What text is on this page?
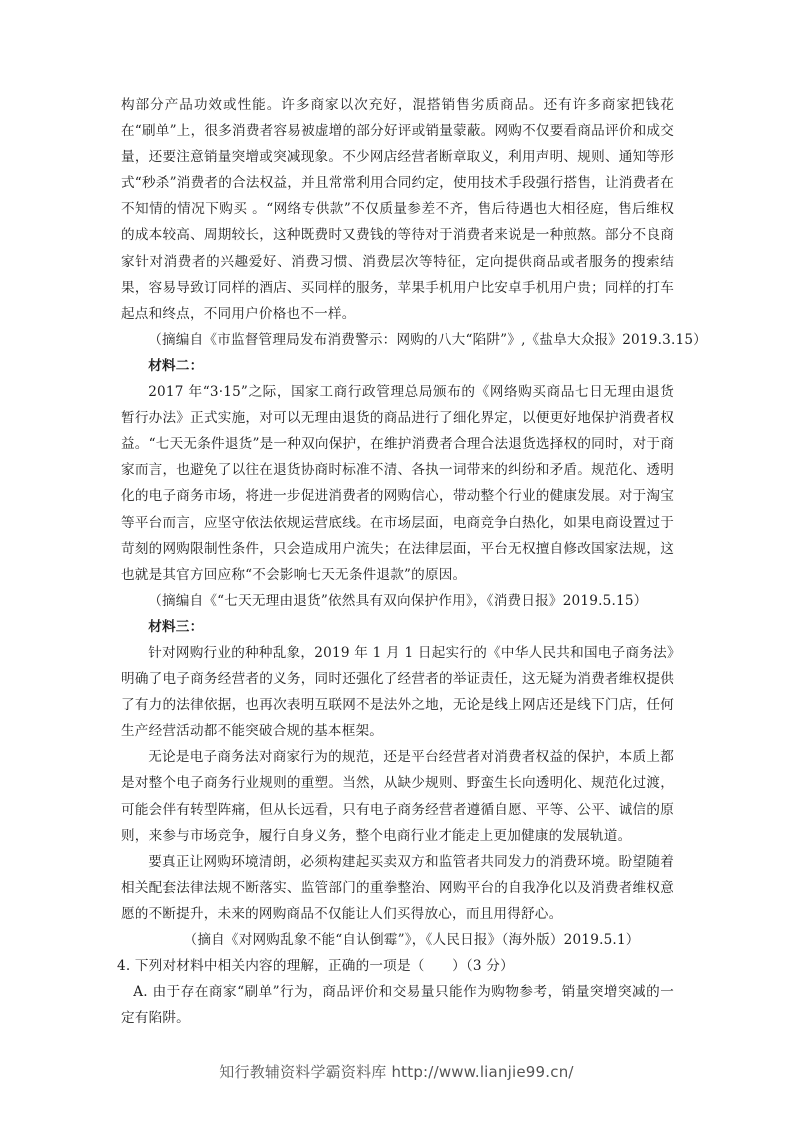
构部分产品功效或性能。许多商家以次充好，混搭销售劣质商品。还有许多商家把钱花在“刷单”上，很多消费者容易被虚增的部分好评或销量蒙蔽。网购不仅要看商品评价和成交量，还要注意销量突增或突减现象。不少网店经营者断章取义，利用声明、规则、通知等形式“秒杀”消费者的合法权益，并且常常利用合同约定，使用技术手段强行搭售，让消费者在不知情的情况下购买 。“网络专供款”不仅质量参差不齐，售后待遇也大相径庭，售后维权的成本较高、周期较长，这种既费时又费钱的等待对于消费者来说是一种煎熬。部分不良商家针对消费者的兴趣爱好、消费习惯、消费层次等特征，定向提供商品或者服务的搜索结果，容易导致订同样的酒店、买同样的服务，苹果手机用户比安卓手机用户贵；同样的打车起点和终点，不同用户价格也不一样。

（摘编自《市监督管理局发布消费警示：网购的八大“陷阱”》,《盐阜大众报》2019.3.15）

材料二：

2017 年“3·15”之际，国家工商行政管理总局颁布的《网络购买商品七日无理由退货暂行办法》正式实施，对可以无理由退货的商品进行了细化界定，以便更好地保护消费者权益。“七天无条件退货”是一种双向保护，在维护消费者合理合法退货选择权的同时，对于商家而言，也避免了以往在退货协商时标准不清、各执一词带来的纠纷和矛盾。规范化、透明化的电子商务市场，将进一步促进消费者的网购信心，带动整个行业的健康发展。对于淘宝等平台而言，应坚守依法依规运营底线。在市场层面，电商竞争白热化，如果电商设置过于苛刻的网购限制性条件，只会造成用户流失；在法律层面，平台无权擅自修改国家法规，这也就是其官方回应称“不会影响七天无条件退款”的原因。

（摘编自《“七天无理由退货”依然具有双向保护作用》，《消费日报》2019.5.15）

材料三：

针对网购行业的种种乱象，2019 年 1 月 1 日起实行的《中华人民共和国电子商务法》明确了电子商务经营者的义务，同时还强化了经营者的举证责任，这无疑为消费者维权提供了有力的法律依据，也再次表明互联网不是法外之地，无论是线上网店还是线下门店，任何生产经营活动都不能突破合规的基本框架。

无论是电子商务法对商家行为的规范，还是平台经营者对消费者权益的保护，本质上都是对整个电子商务行业规则的重塑。当然，从缺少规则、野蛮生长向透明化、规范化过渡，可能会伴有转型阵痛，但从长远看，只有电子商务经营者遵循自愿、平等、公平、诚信的原则，来参与市场竞争，履行自身义务，整个电商行业才能走上更加健康的发展轨道。

要真正让网购环境清朗，必须构建起买卖双方和监管者共同发力的消费环境。盼望随着相关配套法律法规不断落实、监管部门的重拳整治、网购平台的自我净化以及消费者维权意愿的不断提升，未来的网购商品不仅能让人们买得放心，而且用得舒心。

（摘自《对网购乱象不能“自认倒霉”》，《人民日报》（海外版）2019.5.1）

4. 下列对材料中相关内容的理解，正确的一项是（　　）（3 分）

A. 由于存在商家“刷单”行为，商品评价和交易量只能作为购物参考，销量突增突减的一定有陷阱。

知行教辅资料学霸资料库 http://www.lianjie99.cn/
